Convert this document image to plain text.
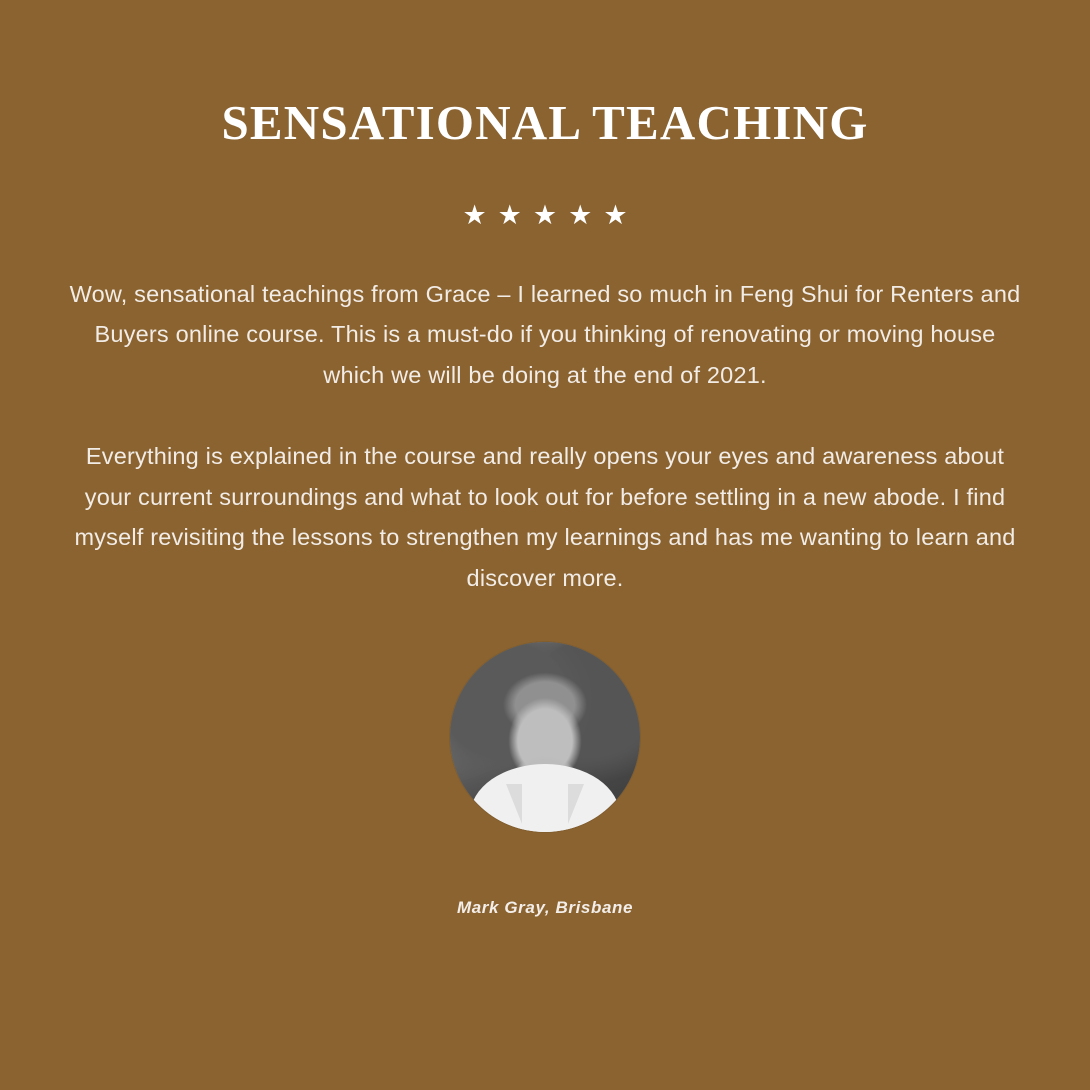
SENSATIONAL TEACHING
★ ★ ★ ★ ★

Wow, sensational teachings from Grace – I learned so much in Feng Shui for Renters and Buyers online course. This is a must-do if you thinking of renovating or moving house which we will be doing at the end of 2021.

Everything is explained in the course and really opens your eyes and awareness about your current surroundings and what to look out for before settling in a new abode. I find myself revisiting the lessons to strengthen my learnings and has me wanting to learn and discover more.

Mark Gray, Brisbane
